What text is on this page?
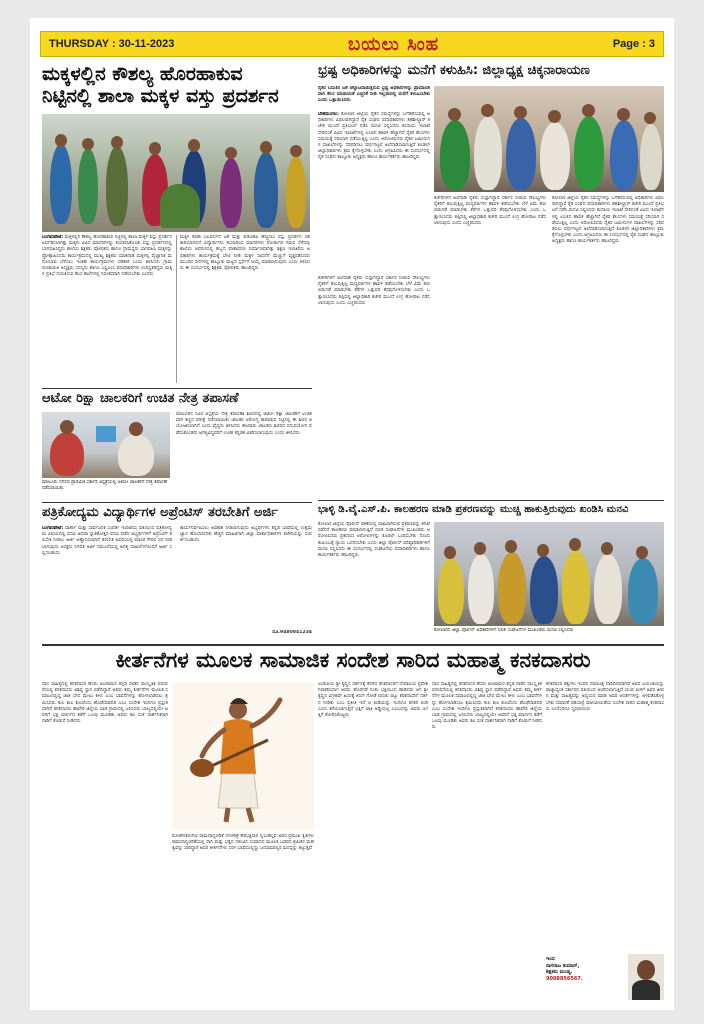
THURSDAY : 30-11-2023	ಬಯಲು ಸಿಂಹ	Page : 3
ಮಕ್ಕಳಲ್ಲಿನ ಕೌಶಲ್ಯ ಹೊರಹಾಕುವ
ನಿಟ್ಟಿನಲ್ಲಿ ಶಾಲಾ ಮಕ್ಕಳ ವಸ್ತು ಪ್ರದರ್ಶನ
ಬಂಗಾರಪೇಟೆ: ಮಕ್ಕಳಲ್ಲಿನ ಕೌಶಲ್ಯ ಹೊರಹಾಕುವ ನಿಟ್ಟಿನಲ್ಲಿ ಶಾಲಾ ಮಕ್ಕಳ ವಸ್ತು ಪ್ರದರ್ಶನ ಏರ್ಪಡಿಸಲಾಗಿತ್ತು ಮಕ್ಕಳು ವಿವಿಧ ಮಾದರಿಗಳನ್ನು ತಯಾರಿಸಿಕೊಂಡು ವಸ್ತು ಪ್ರದರ್ಶನದಲ್ಲಿ ಭಾಗವಹಿಸಿದ್ದರು ಶಾಲೆಯ ಶಿಕ್ಷಕರು ಪೋಷಕರು ಹಾಗೂ ಗ್ರಾಮಸ್ಥರು ಭಾಗವಹಿಸಿ ಮಕ್ಕಳನ್ನು ಪ್ರೋತ್ಸಾಹಿಸಿದರು ಕಾರ್ಯಕ್ರಮದಲ್ಲಿ ಮುಖ್ಯ ಶಿಕ್ಷಕರು ಮಾತನಾಡಿ ಮಕ್ಕಳಲ್ಲಿ ವೈಜ್ಞಾನಿಕ ಮನೋಭಾವ ಬೆಳೆಸಲು ಇಂತಹ ಕಾರ್ಯಕ್ರಮಗಳು ಸಹಕಾರಿ ಎಂದು ತಿಳಿಸಿದರು ಗ್ರಾಮ ಪಂಚಾಯಿತಿ ಅಧ್ಯಕ್ಷರು ಸದಸ್ಯರು ಹಾಗೂ ಎಸ್ಡಿಎಂಸಿ ಪದಾಧಿಕಾರಿಗಳು ಉಪಸ್ಥಿತರಿದ್ದರು ಮಕ್ಕಳ ಪ್ರತಿಭೆ ಗುರುತಿಸುವ ಕೆಲಸ ಶಾಲೆಗಳಲ್ಲಿ ನಿರಂತರವಾಗಿ ನಡೆಯಬೇಕು ಎಂದರು
ಮಕ್ಕಳ ಕಲಿಕಾ ಬಲವರ್ಧನೆ ಜತೆ ಮತ್ತು ಕುತೂಹಲ ಹೆಚ್ಚಿಸಲು ವಸ್ತು ಪ್ರದರ್ಶನ ಸಹಕಾರಿಯಾಗಲಿದೆ ವಿದ್ಯಾರ್ಥಿಗಳು ತಯಾರಿಸಿದ ಮಾದರಿಗಳು ನೋಡುಗರ ಗಮನ ಸೆಳೆದವು ಶಾಲೆಯ ಆವರಣದಲ್ಲಿ ಹಬ್ಬದ ವಾತಾವರಣ ನಿರ್ಮಾಣವಾಗಿತ್ತು ಶಿಕ್ಷಣ ಇಲಾಖೆಯ ಅಧಿಕಾರಿಗಳು ಕಾರ್ಯಕ್ರಮಕ್ಕೆ ಭೇಟಿ ನೀಡಿ ಮಕ್ಕಳ ಸಾಧನೆಗೆ ಮೆಚ್ಚುಗೆ ವ್ಯಕ್ತಪಡಿಸಿದರು ಮುಂದಿನ ದಿನಗಳಲ್ಲಿ ತಾಲ್ಲೂಕು ಮಟ್ಟದ ಸ್ಪರ್ಧೆಗೆ ಆಯ್ಕೆ ಮಾಡಲಾಗುವುದು ಎಂದು ತಿಳಿಸಿದರು ಈ ಸಂದರ್ಭದಲ್ಲಿ ಶಿಕ್ಷಕರು ಪೋಷಕರು ಹಾಜರಿದ್ದರು
ಆಟೋ ರಿಕ್ಷಾ ಚಾಲಕರಿಗೆ ಉಚಿತ ನೇತ್ರ ತಪಾಸಣೆ
ಮಾಲೂರು ನಗರದ ಪ್ರಾಥಮಿಕ ಸರ್ಕಾರಿ ಆಸ್ಪತ್ರೆಯಲ್ಲಿ ಆಟೋ ಚಾಲಕರಿಗೆ ನೇತ್ರ ತಪಾಸಣೆ ನಡೆಸಲಾಯಿತು
ಮಾಲೂರಿನ ನಿವಿನ ಆಸ್ಪತ್ರೆಯ ನೇತ್ರ ತಪಾಸಣಾ ಶಿಬಿರದಲ್ಲಿ ಆಟೋ ರಿಕ್ಷಾ ಚಾಲಕರಿಗೆ ಉಚಿತವಾಗಿ ಕಣ್ಣಿನ ಪರೀಕ್ಷೆ ನಡೆಸಲಾಯಿತು ಚಾಲಕರ ಆರೋಗ್ಯ ಕಾಪಾಡುವ ನಿಟ್ಟಿನಲ್ಲಿ ಈ ಶಿಬಿರ ಆಯೋಜಿಸಲಾಗಿದೆ ಎಂದು ವೈದ್ಯರು ತಿಳಿಸಿದರು ಹಲವಾರು ಚಾಲಕರು ಶಿಬಿರದ ಸದುಪಯೋಗ ಪಡೆದುಕೊಂಡರು ಅಗತ್ಯವಿದ್ದವರಿಗೆ ಉಚಿತ ಕನ್ನಡಕ ವಿತರಿಸಲಾಗುವುದು ಎಂದು ತಿಳಿಸಿದರು
ಪತ್ರಿಕೋದ್ಯಮ ವಿದ್ಯಾರ್ಥಿಗಳ ಅಪ್ರೆಂಟಿಸ್ ತರಬೇತಿಗೆ ಅರ್ಜಿ
ಬಂಗಾರಪೇಟೆ: ವಾರ್ತಾ ಮತ್ತು ಸಾರ್ವಜನಿಕ ಸಂಪರ್ಕ ಇಲಾಖೆಯ ವತಿಯಿಂದ ಪತ್ರಿಕೋದ್ಯಮ ವಿಷಯದಲ್ಲಿ ಪದವಿ ಅಥವಾ ಸ್ನಾತಕೋತ್ತರ ಪದವಿ ಪಡೆದ ಅಭ್ಯರ್ಥಿಗಳಿಗೆ ಅಪ್ರೆಂಟಿಸ್ ತರಬೇತಿ ನೀಡಲು ಅರ್ಜಿ ಆಹ್ವಾನಿಸಲಾಗಿದೆ ತರಬೇತಿ ಅವಧಿಯಲ್ಲಿ ಮಾಸಿಕ ಗೌರವ ಧನ ನೀಡಲಾಗುವುದು ಆಸಕ್ತರು ನಿಗದಿತ ಅರ್ಜಿ ನಮೂನೆಯಲ್ಲಿ ಅಗತ್ಯ ದಾಖಲೆಗಳೊಂದಿಗೆ ಅರ್ಜಿ ಸಲ್ಲಿಸಬಹುದು
ಕಾರ್ಯನಿರ್ವಹಿಸಲು ಅವಕಾಶ ನೀಡಲಾಗುವುದು ಅಭ್ಯರ್ಥಿಗಳು ಕನ್ನಡ ಭಾಷೆಯಲ್ಲಿ ಉತ್ತಮ ಜ್ಞಾನ ಹೊಂದಿರಬೇಕು ಹೆಚ್ಚಿನ ಮಾಹಿತಿಗಾಗಿ ಜಿಲ್ಲಾ ವಾರ್ತಾಧಿಕಾರಿಗಳ ಕಚೇರಿಯನ್ನು ಸಂಪರ್ಕಿಸಬಹುದು
ದೂ.9480841234
ಭ್ರಷ್ಟ ಅಧಿಕಾರಿಗಳನ್ನು ಮನೆಗೆ ಕಳುಹಿಸಿ: ಜಿಲ್ಲಾಧ್ಯಕ್ಷ ಚಿಕ್ಕನಾರಾಯಣ
ರೈತರ ಬದುಕಿನ ಜತೆ ಚೆಲ್ಲಾಟವಾಡುತ್ತಿರುವ ಭ್ರಷ್ಟ ಅಧಿಕಾರಿಗಳನ್ನು ಪ್ರಾಮಾಣಿಕವಾಗಿ ಕೆಲಸ ಮಾಡುವಂತೆ ಎಚ್ಚರಿಕೆ ನೀಡಿ ಇಲ್ಲವಾದಲ್ಲಿ ಮನೆಗೆ ಕಳುಹಿಸಬೇಕು ಎಂದು ಒತ್ತಾಯಿಸಿದರು
ಬೇತಮಂಗಲ: ಕೋಲಾರ ಜಿಲ್ಲೆಯ ರೈತರ ಸಮಸ್ಯೆಗಳನ್ನು ಬಗೆಹರಿಸುವಲ್ಲಿ ಅಧಿಕಾರಿಗಳು ವಿಫಲರಾಗಿದ್ದಾರೆ ರೈತ ಸಂಘದ ಪದಾಧಿಕಾರಿಗಳು ತಹಶೀಲ್ದಾರ್ ಕಚೇರಿ ಮುಂದೆ ಪ್ರತಿಭಟನೆ ನಡೆಸಿ ಮನವಿ ಸಲ್ಲಿಸಿದರು ಕಂದಾಯ ಇಲಾಖೆ ಸೇರಿದಂತೆ ವಿವಿಧ ಇಲಾಖೆಗಳಲ್ಲಿ ಲಂಚದ ಹಾವಳಿ ಹೆಚ್ಚಾಗಿದೆ ರೈತರ ಕೆಲಸಗಳು ಸಮಯಕ್ಕೆ ಸರಿಯಾಗಿ ನಡೆಯುತ್ತಿಲ್ಲ ಎಂದು ಆರೋಪಿಸಿದರು ರೈತರ ಜಮೀನುಗಳ ದಾಖಲೆಗಳನ್ನು ಸರಿಪಡಿಸಲು ವರ್ಷಗಟ್ಟಲೆ ಅಲೆದಾಡಿಸಲಾಗುತ್ತಿದೆ ಕೂಡಲೇ ಜಿಲ್ಲಾಧಿಕಾರಿಗಳು ಕ್ರಮ ಕೈಗೊಳ್ಳಬೇಕು ಎಂದು ಆಗ್ರಹಿಸಿದರು ಈ ಸಂದರ್ಭದಲ್ಲಿ ರೈತ ಸಂಘದ ತಾಲ್ಲೂಕು ಅಧ್ಯಕ್ಷರು ಹಾಗೂ ಕಾರ್ಯಕರ್ತರು ಹಾಜರಿದ್ದರು
ಕಚೇರಿಗಳಿಗೆ ಅಲೆದಾಡಿ ರೈತರು ಸುಸ್ತಾಗಿದ್ದಾರೆ ಸರ್ಕಾರ ನೀಡುವ ಸೌಲಭ್ಯಗಳು ರೈತರಿಗೆ ತಲುಪುತ್ತಿಲ್ಲ ಮಧ್ಯವರ್ತಿಗಳ ಹಾವಳಿ ತಡೆಯಬೇಕು ಬೆಳೆ ವಿಮೆ ಹಣ ಬಿಡುಗಡೆ ಮಾಡಬೇಕು ಕೆರೆಗಳ ಒತ್ತುವರಿ ತೆರವುಗೊಳಿಸಬೇಕು ಎಂದು ಒತ್ತಾಯಿಸಿದರು ತಪ್ಪಿದಲ್ಲಿ ಜಿಲ್ಲಾಧಿಕಾರಿ ಕಚೇರಿ ಮುಂದೆ ಉಗ್ರ ಹೋರಾಟ ನಡೆಸಲಾಗುವುದು ಎಂದು ಎಚ್ಚರಿಸಿದರು
ಕೋಲಾರ ಜಿಲ್ಲೆಯ ರೈತರ ಸಮಸ್ಯೆಗಳನ್ನು ಬಗೆಹರಿಸುವಲ್ಲಿ ಅಧಿಕಾರಿಗಳು ವಿಫಲರಾಗಿದ್ದಾರೆ ರೈತ ಸಂಘದ ಪದಾಧಿಕಾರಿಗಳು ತಹಶೀಲ್ದಾರ್ ಕಚೇರಿ ಮುಂದೆ ಪ್ರತಿಭಟನೆ ನಡೆಸಿ ಮನವಿ ಸಲ್ಲಿಸಿದರು ಕಂದಾಯ ಇಲಾಖೆ ಸೇರಿದಂತೆ ವಿವಿಧ ಇಲಾಖೆಗಳಲ್ಲಿ ಲಂಚದ ಹಾವಳಿ ಹೆಚ್ಚಾಗಿದೆ ರೈತರ ಕೆಲಸಗಳು ಸಮಯಕ್ಕೆ ಸರಿಯಾಗಿ ನಡೆಯುತ್ತಿಲ್ಲ ಎಂದು ಆರೋಪಿಸಿದರು ರೈತರ ಜಮೀನುಗಳ ದಾಖಲೆಗಳನ್ನು ಸರಿಪಡಿಸಲು ವರ್ಷಗಟ್ಟಲೆ ಅಲೆದಾಡಿಸಲಾಗುತ್ತಿದೆ ಕೂಡಲೇ ಜಿಲ್ಲಾಧಿಕಾರಿಗಳು ಕ್ರಮ ಕೈಗೊಳ್ಳಬೇಕು ಎಂದು ಆಗ್ರಹಿಸಿದರು ಈ ಸಂದರ್ಭದಲ್ಲಿ ರೈತ ಸಂಘದ ತಾಲ್ಲೂಕು ಅಧ್ಯಕ್ಷರು ಹಾಗೂ ಕಾರ್ಯಕರ್ತರು ಹಾಜರಿದ್ದರು
ಕಚೇರಿಗಳಿಗೆ ಅಲೆದಾಡಿ ರೈತರು ಸುಸ್ತಾಗಿದ್ದಾರೆ ಸರ್ಕಾರ ನೀಡುವ ಸೌಲಭ್ಯಗಳು ರೈತರಿಗೆ ತಲುಪುತ್ತಿಲ್ಲ ಮಧ್ಯವರ್ತಿಗಳ ಹಾವಳಿ ತಡೆಯಬೇಕು ಬೆಳೆ ವಿಮೆ ಹಣ ಬಿಡುಗಡೆ ಮಾಡಬೇಕು ಕೆರೆಗಳ ಒತ್ತುವರಿ ತೆರವುಗೊಳಿಸಬೇಕು ಎಂದು ಒತ್ತಾಯಿಸಿದರು ತಪ್ಪಿದಲ್ಲಿ ಜಿಲ್ಲಾಧಿಕಾರಿ ಕಚೇರಿ ಮುಂದೆ ಉಗ್ರ ಹೋರಾಟ ನಡೆಸಲಾಗುವುದು ಎಂದು ಎಚ್ಚರಿಸಿದರು
ಭಾಳ್ಳಿ ಡಿ.ವೈ.ಎಸ್.ಪಿ. ಕಾಲಹರಣ ಮಾಡಿ ಪ್ರಕರಣವನ್ನು ಮುಚ್ಚಿ ಹಾಕುತ್ತಿರುವುದು ಖಂಡಿಸಿ ಮನವಿ
ಕೋಲಾರ ಜಿಲ್ಲೆಯ ಪೊಲೀಸ್ ಠಾಣೆಯಲ್ಲಿ ದಾಖಲಾಗಿರುವ ಪ್ರಕರಣವನ್ನು ತನಿಖೆ ನಡೆಸದೆ ಕಾಲಹರಣ ಮಾಡಲಾಗುತ್ತಿದೆ ದಲಿತ ಸಂಘಟನೆಗಳ ಮುಖಂಡರು ಆರೋಪಿಸಿದರು ಪ್ರಕರಣದ ಆರೋಪಿಗಳನ್ನು ಕೂಡಲೇ ಬಂಧಿಸಬೇಕು ನೊಂದ ಕುಟುಂಬಕ್ಕೆ ನ್ಯಾಯ ಒದಗಿಸಬೇಕು ಎಂದು ಜಿಲ್ಲಾ ಪೊಲೀಸ್ ವರಿಷ್ಠಾಧಿಕಾರಿಗಳಿಗೆ ಮನವಿ ಸಲ್ಲಿಸಿದರು ಈ ಸಂದರ್ಭದಲ್ಲಿ ಸಂಘಟನೆಯ ಪದಾಧಿಕಾರಿಗಳು ಹಾಗೂ ಕಾರ್ಯಕರ್ತರು ಹಾಜರಿದ್ದರು
ಕೋಲಾರದ ಜಿಲ್ಲಾ ಪೊಲೀಸ್ ಅಧಿಕಾರಿಗಳಿಗೆ ದಲಿತ ಸಂಘಟನೆಗಳ ಮುಖಂಡರು ಮನವಿ ಸಲ್ಲಿಸಿದರು
ಕೀರ್ತನೆಗಳ ಮೂಲಕ ಸಾಮಾಜಿಕ ಸಂದೇಶ ಸಾರಿದ ಮಹಾತ್ಮ ಕನಕದಾಸರು
ದಾಸ ಸಾಹಿತ್ಯದಲ್ಲಿ ಕನಕದಾಸರ ಹೆಸರು ಅಜರಾಮರ ಕನ್ನಡ ನಾಡಿನ ಸಾಂಸ್ಕೃತಿಕ ಪರಂಪರೆಯಲ್ಲಿ ಕನಕದಾಸರು ವಿಶಿಷ್ಟ ಸ್ಥಾನ ಪಡೆದಿದ್ದಾರೆ ಅವರು ತಮ್ಮ ಕೀರ್ತನೆಗಳ ಮೂಲಕ ಸಮಾಜದಲ್ಲಿದ್ದ ಜಾತಿ ಭೇದ ಮೇಲು ಕೀಳು ಎಂಬ ಭಾವನೆಗಳನ್ನು ಹೋಗಲಾಡಿಸಲು ಶ್ರಮಿಸಿದರು ಕುಲ ಕುಲ ಕುಲವೆಂದು ಹೊಡೆದಾಡದಿರಿ ಎಂಬ ಸಂದೇಶ ಇಂದಿಗೂ ಪ್ರಸ್ತುತವಾಗಿದೆ ಕನಕದಾಸರು ಹಾವೇರಿ ಜಿಲ್ಲೆಯ ಬಾಡ ಗ್ರಾಮದಲ್ಲಿ ಜನಿಸಿದರು ಬಾಲ್ಯದಲ್ಲಿಯೇ ಅವರಿಗೆ ಭಕ್ತಿ ಮಾರ್ಗದ ಕಡೆಗೆ ಒಲವು ಮೂಡಿತು ಅವರು ಕವಿ ಸಂತ ದಾರ್ಶನಿಕರಾಗಿ ನಾಡಿಗೆ ಕೊಡುಗೆ ನೀಡಿದರು
ಮೋಹನತರಂಗಿಣಿ ರಾಮಧಾನ್ಯಚರಿತೆ ನಳಚರಿತ್ರೆ ಹರಿಭಕ್ತಿಸಾರ ನೃಸಿಂಹಸ್ತವ ಅವರ ಪ್ರಮುಖ ಕೃತಿಗಳು ರಾಮಧಾನ್ಯಚರಿತೆಯಲ್ಲಿ ರಾಗಿ ಮತ್ತು ಭತ್ತದ ನಡುವಿನ ಸಂವಾದದ ಮೂಲಕ ಬಡವರ ಶ್ರಮಿಕರ ಮಹತ್ವವನ್ನು ಸಾರಿದ್ದಾರೆ ಅವರ ಕೀರ್ತನೆಗಳು ಸರಳ ಭಾಷೆಯಲ್ಲಿದ್ದು ಜನಸಾಮಾನ್ಯರ ಮನಸ್ಸನ್ನು ತಟ್ಟುತ್ತವೆ
ಉಡುಪಿಯ ಶ್ರೀ ಕೃಷ್ಣನ ದರ್ಶನಕ್ಕೆ ತೆರಳಿದ ಕನಕದಾಸರಿಗೆ ದೇವಾಲಯ ಪ್ರವೇಶ ನಿರಾಕರಿಸಿದಾಗ ಅವರು ಹೊರಗಡೆ ನಿಂತು ಭಕ್ತಿಯಿಂದ ಹಾಡಿದರು ಆಗ ಶ್ರೀ ಕೃಷ್ಣನ ವಿಗ್ರಹವೇ ಹಿಂದಕ್ಕೆ ತಿರುಗಿ ಗೋಡೆ ಬಿರುಕು ಬಿಟ್ಟು ಕನಕದಾಸರಿಗೆ ದರ್ಶನ ನೀಡಿತು ಎಂಬ ಪ್ರತೀತಿ ಇದೆ ಆ ಕಿಂಡಿಯನ್ನು ಇಂದಿಗೂ ಕನಕನ ಕಿಂಡಿ ಎಂದು ಕರೆಯಲಾಗುತ್ತದೆ ಭಕ್ತಿಗೆ ಜಾತಿ ಅಡ್ಡಿಯಲ್ಲ ಎಂಬುದನ್ನು ಅವರು ಜಗತ್ತಿಗೆ ತೋರಿಸಿಕೊಟ್ಟರು
ದಾಸ ಸಾಹಿತ್ಯದಲ್ಲಿ ಕನಕದಾಸರ ಹೆಸರು ಅಜರಾಮರ ಕನ್ನಡ ನಾಡಿನ ಸಾಂಸ್ಕೃತಿಕ ಪರಂಪರೆಯಲ್ಲಿ ಕನಕದಾಸರು ವಿಶಿಷ್ಟ ಸ್ಥಾನ ಪಡೆದಿದ್ದಾರೆ ಅವರು ತಮ್ಮ ಕೀರ್ತನೆಗಳ ಮೂಲಕ ಸಮಾಜದಲ್ಲಿದ್ದ ಜಾತಿ ಭೇದ ಮೇಲು ಕೀಳು ಎಂಬ ಭಾವನೆಗಳನ್ನು ಹೋಗಲಾಡಿಸಲು ಶ್ರಮಿಸಿದರು ಕುಲ ಕುಲ ಕುಲವೆಂದು ಹೊಡೆದಾಡದಿರಿ ಎಂಬ ಸಂದೇಶ ಇಂದಿಗೂ ಪ್ರಸ್ತುತವಾಗಿದೆ ಕನಕದಾಸರು ಹಾವೇರಿ ಜಿಲ್ಲೆಯ ಬಾಡ ಗ್ರಾಮದಲ್ಲಿ ಜನಿಸಿದರು ಬಾಲ್ಯದಲ್ಲಿಯೇ ಅವರಿಗೆ ಭಕ್ತಿ ಮಾರ್ಗದ ಕಡೆಗೆ ಒಲವು ಮೂಡಿತು ಅವರು ಕವಿ ಸಂತ ದಾರ್ಶನಿಕರಾಗಿ ನಾಡಿಗೆ ಕೊಡುಗೆ ನೀಡಿದರು
ಕನಕದಾಸರ ತತ್ವಗಳು ಇಂದಿನ ಸಮಾಜಕ್ಕೆ ದಾರಿದೀಪವಾಗಿವೆ ಅವರ ಜಯಂತಿಯನ್ನು ರಾಜ್ಯಾದ್ಯಂತ ಸರ್ಕಾರದ ವತಿಯಿಂದ ಆಚರಿಸಲಾಗುತ್ತಿದೆ ಯುವ ಪೀಳಿಗೆ ಅವರ ಜೀವನ ಮತ್ತು ಸಾಹಿತ್ಯವನ್ನು ಅಧ್ಯಯನ ಮಾಡಿ ಅವರ ಆದರ್ಶಗಳನ್ನು ಅಳವಡಿಸಿಕೊಳ್ಳಬೇಕು ಸಮಾನತೆ ಸಹಬಾಳ್ವೆ ಮಾನವೀಯತೆಯ ಸಂದೇಶ ಸಾರಿದ ಮಹಾತ್ಮ ಕನಕದಾಸರು ಎಂದೆಂದಿಗೂ ಸ್ಮರಣೀಯರು
ಇಂದ
ನಾಗರಾಜ ಕುಮಾರ್,
ಶಿಕ್ಷಕರು ಮಂಡ್ಯ.
9008856567.
